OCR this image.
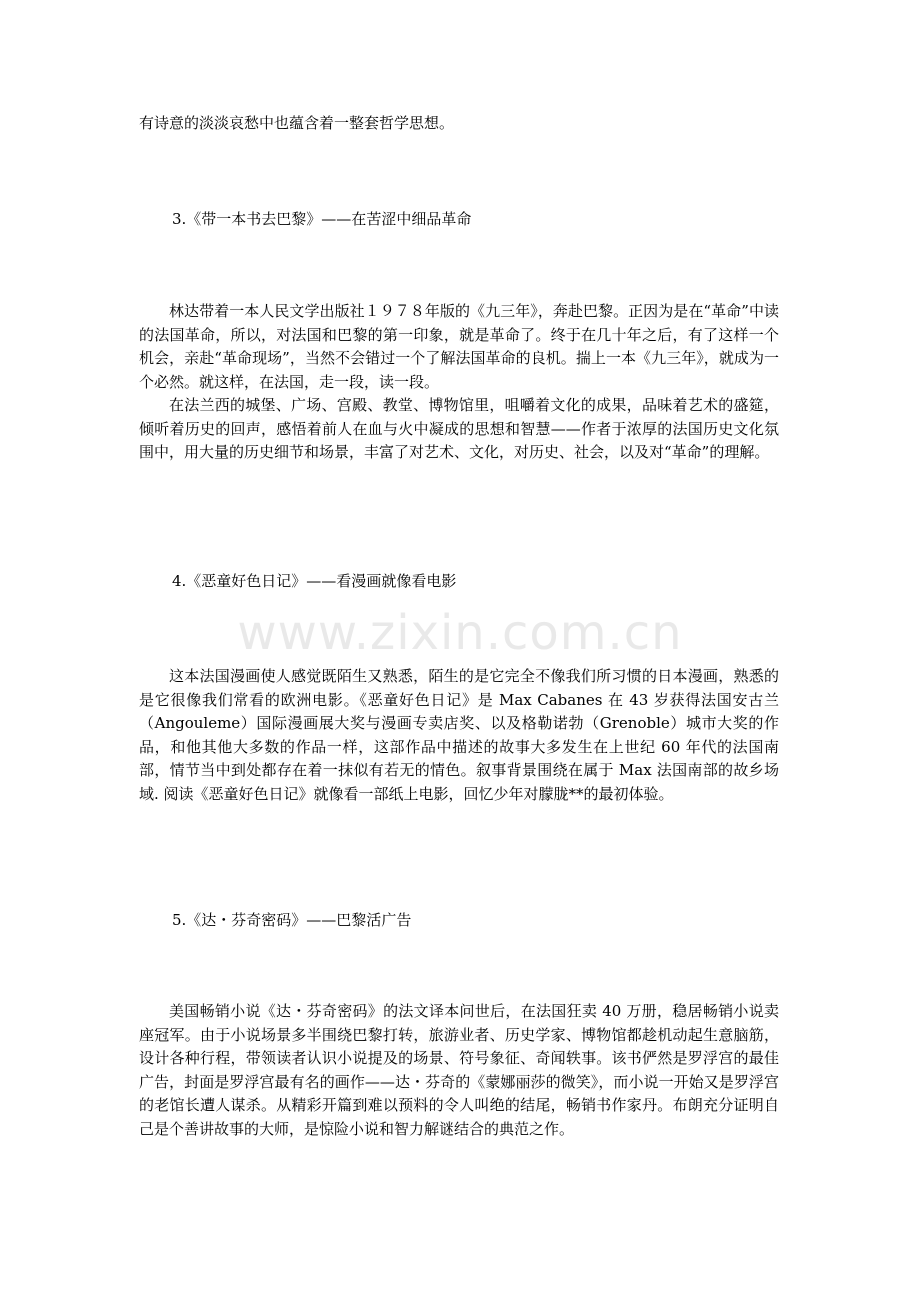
有诗意的淡淡哀愁中也蕴含着一整套哲学思想。

3.《带一本书去巴黎》——在苦涩中细品革命

林达带着一本人民文学出版社１９７８年版的《九三年》，奔赴巴黎。正因为是在“革命”中读的法国革命，所以，对法国和巴黎的第一印象，就是革命了。终于在几十年之后，有了这样一个机会，亲赴“革命现场”，当然不会错过一个了解法国革命的良机。揣上一本《九三年》，就成为一个必然。就这样，在法国，走一段，读一段。

在法兰西的城堡、广场、宫殿、教堂、博物馆里，咀嚼着文化的成果，品味着艺术的盛筵，倾听着历史的回声，感悟着前人在血与火中凝成的思想和智慧——作者于浓厚的法国历史文化氛围中，用大量的历史细节和场景，丰富了对艺术、文化，对历史、社会，以及对“革命”的理解。

4.《恶童好色日记》——看漫画就像看电影

www.zixin.com.cn

这本法国漫画使人感觉既陌生又熟悉，陌生的是它完全不像我们所习惯的日本漫画，熟悉的是它很像我们常看的欧洲电影。《恶童好色日记》是 Max Cabanes 在 43 岁获得法国安古兰（Angouleme）国际漫画展大奖与漫画专卖店奖、以及格勒诺勃（Grenoble）城市大奖的作品，和他其他大多数的作品一样，这部作品中描述的故事大多发生在上世纪 60 年代的法国南部，情节当中到处都存在着一抹似有若无的情色。叙事背景围绕在属于 Max 法国南部的故乡场域. 阅读《恶童好色日记》就像看一部纸上电影，回忆少年对朦胧**的最初体验。

5.《达・芬奇密码》——巴黎活广告

美国畅销小说《达・芬奇密码》的法文译本问世后，在法国狂卖 40 万册，稳居畅销小说卖座冠军。由于小说场景多半围绕巴黎打转，旅游业者、历史学家、博物馆都趁机动起生意脑筋，设计各种行程，带领读者认识小说提及的场景、符号象征、奇闻轶事。该书俨然是罗浮宫的最佳广告，封面是罗浮宫最有名的画作——达・芬奇的《蒙娜丽莎的微笑》，而小说一开始又是罗浮宫的老馆长遭人谋杀。从精彩开篇到难以预料的令人叫绝的结尾，畅销书作家丹。布朗充分证明自己是个善讲故事的大师，是惊险小说和智力解谜结合的典范之作。
